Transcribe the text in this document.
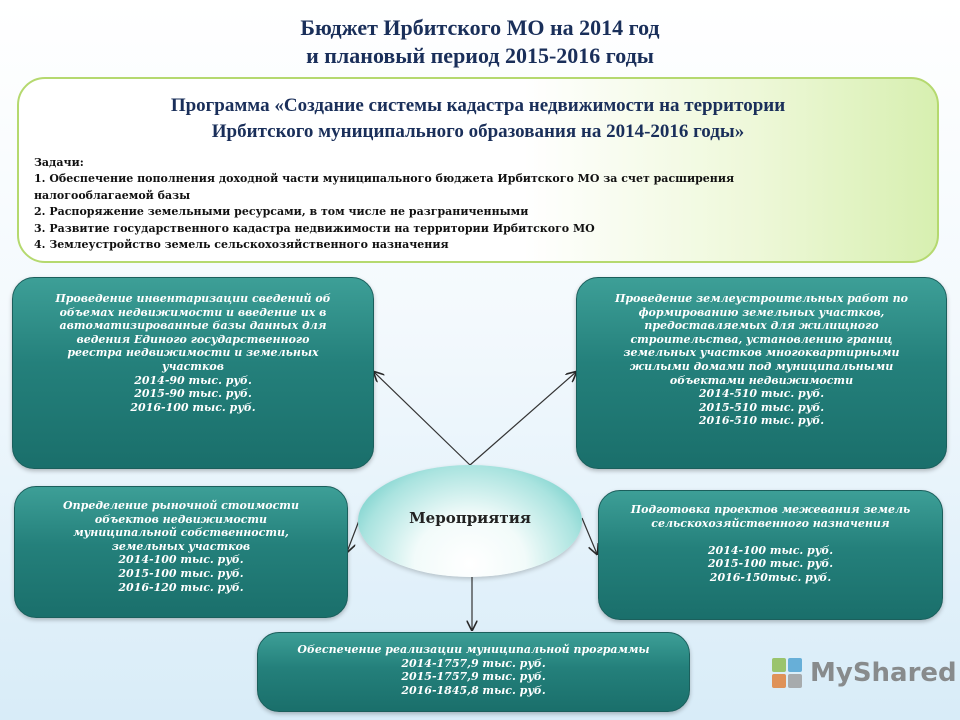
Бюджет Ирбитского МО на 2014 год
и плановый период 2015-2016 годы
Программа «Создание системы кадастра недвижимости на территории
Ирбитского муниципального образования на 2014-2016 годы»
Задачи:
1. Обеспечение пополнения доходной части муниципального бюджета Ирбитского МО за счет расширения
налогооблагаемой базы
2. Распоряжение земельными ресурсами, в том числе не разграниченными
3. Развитие государственного кадастра недвижимости на территории Ирбитского МО
4. Землеустройство земель сельскохозяйственного назначения
Проведение инвентаризации сведений об
объемах недвижимости и введение их в
автоматизированные базы данных для
ведения Единого государственного
реестра недвижимости и земельных
участков
2014-90 тыс. руб.
2015-90 тыс. руб.
2016-100 тыс. руб.
Проведение землеустроительных работ по
формированию земельных участков,
предоставляемых для жилищного
строительства, установлению границ
земельных участков многоквартирными
жилыми домами под муниципальными
объектами недвижимости
2014-510 тыс. руб.
2015-510 тыс. руб.
2016-510 тыс. руб.
Определение рыночной стоимости
объектов недвижимости
муниципальной собственности,
земельных участков
2014-100 тыс. руб.
2015-100 тыс. руб.
2016-120 тыс. руб.
Подготовка проектов межевания земель
сельскохозяйственного назначения
2014-100 тыс. руб.
2015-100 тыс. руб.
2016-150тыс. руб.
Обеспечение реализации муниципальной программы
2014-1757,9 тыс. руб.
2015-1757,9 тыс. руб.
2016-1845,8 тыс. руб.
Мероприятия
MyShared
